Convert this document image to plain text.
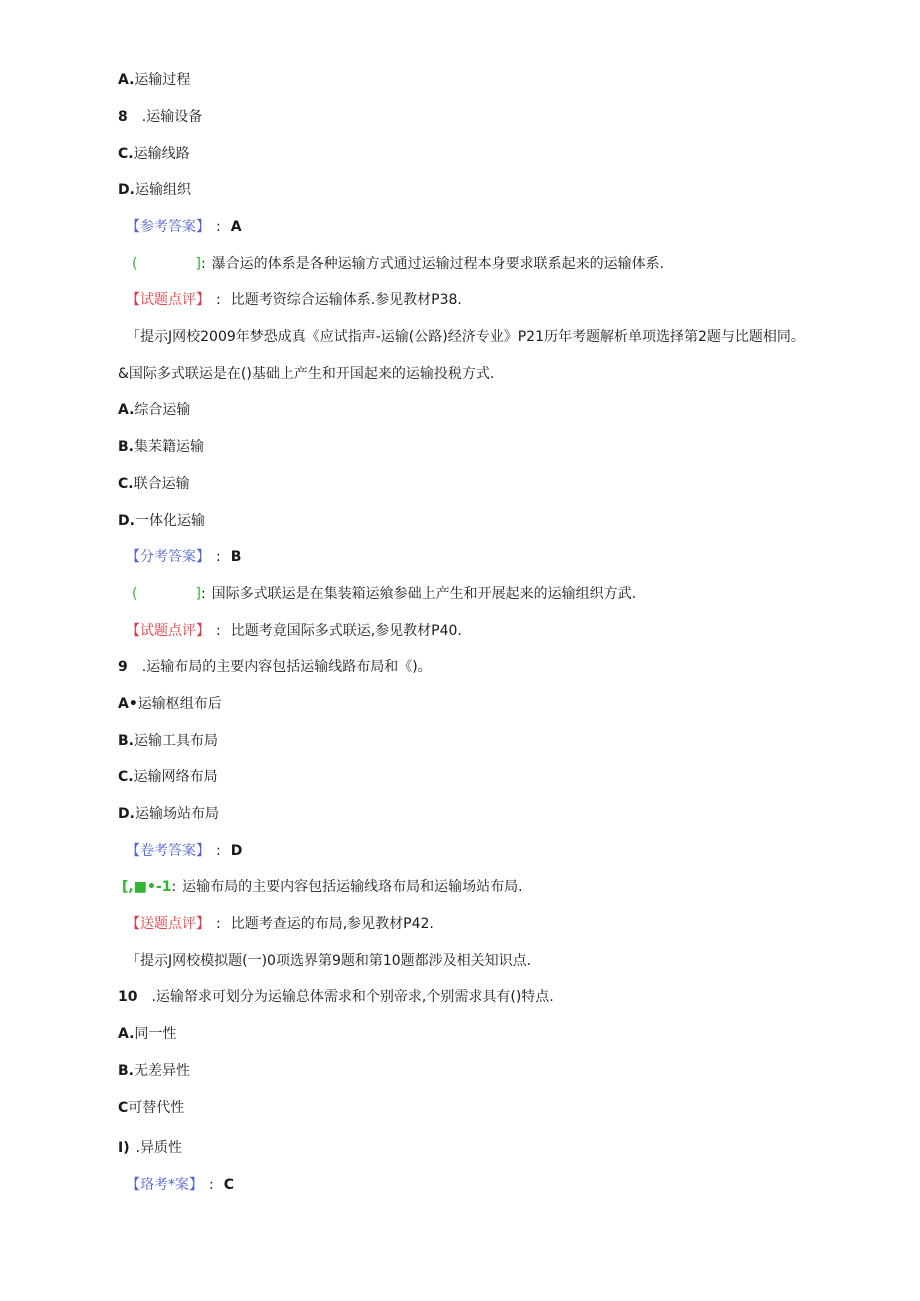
A.运输过程
8 .运输设备
C.运输线路
D.运输组织
【参考答案】 : A
(	]: 瀑合运的体系是各种运输方式通过运输过程本身要求联系起来的运输体系.
【试题点评】 : 比题考资综合运输体系.参见教材P38.
「提示J网校2009年梦恐成真《应试指声-运输(公路)经济专业》P21历年考题解析单项选择第2题与比题相同。
&国际多式联运是在()基础上产生和开国起来的运输投税方式.
A.综合运输
B.集苿籍运输
C.联合运输
D.一体化运输
【分考答案】 : B
(	]: 国际多式联运是在集装箱运飨参础上产生和开展起来的运输组织方武.
【试题点评】 : 比题考竟国际多式联运,参见教材P40.
9 .运输布局的主要内容包括运输线路布局和《)。
A•运输枢组布后
B.运输工具布局
C.运输网络布局
D.运输场站布局
【卷考答案】 : D
[,■•-1: 运输布局的主要内容包括运输线珞布局和运输场站布局.
【送题点评】 : 比题考查运的布局,参见教材P42.
「提示J网校模拟题(一)0项选界第9题和第10题都涉及相关知识点.
10 .运输帑求可划分为运输总体需求和个别帝求,个别需求具有()特点.
A.同一性
B.无差异性
C可替代性
I) .异质性
【珞考*案】 : C
